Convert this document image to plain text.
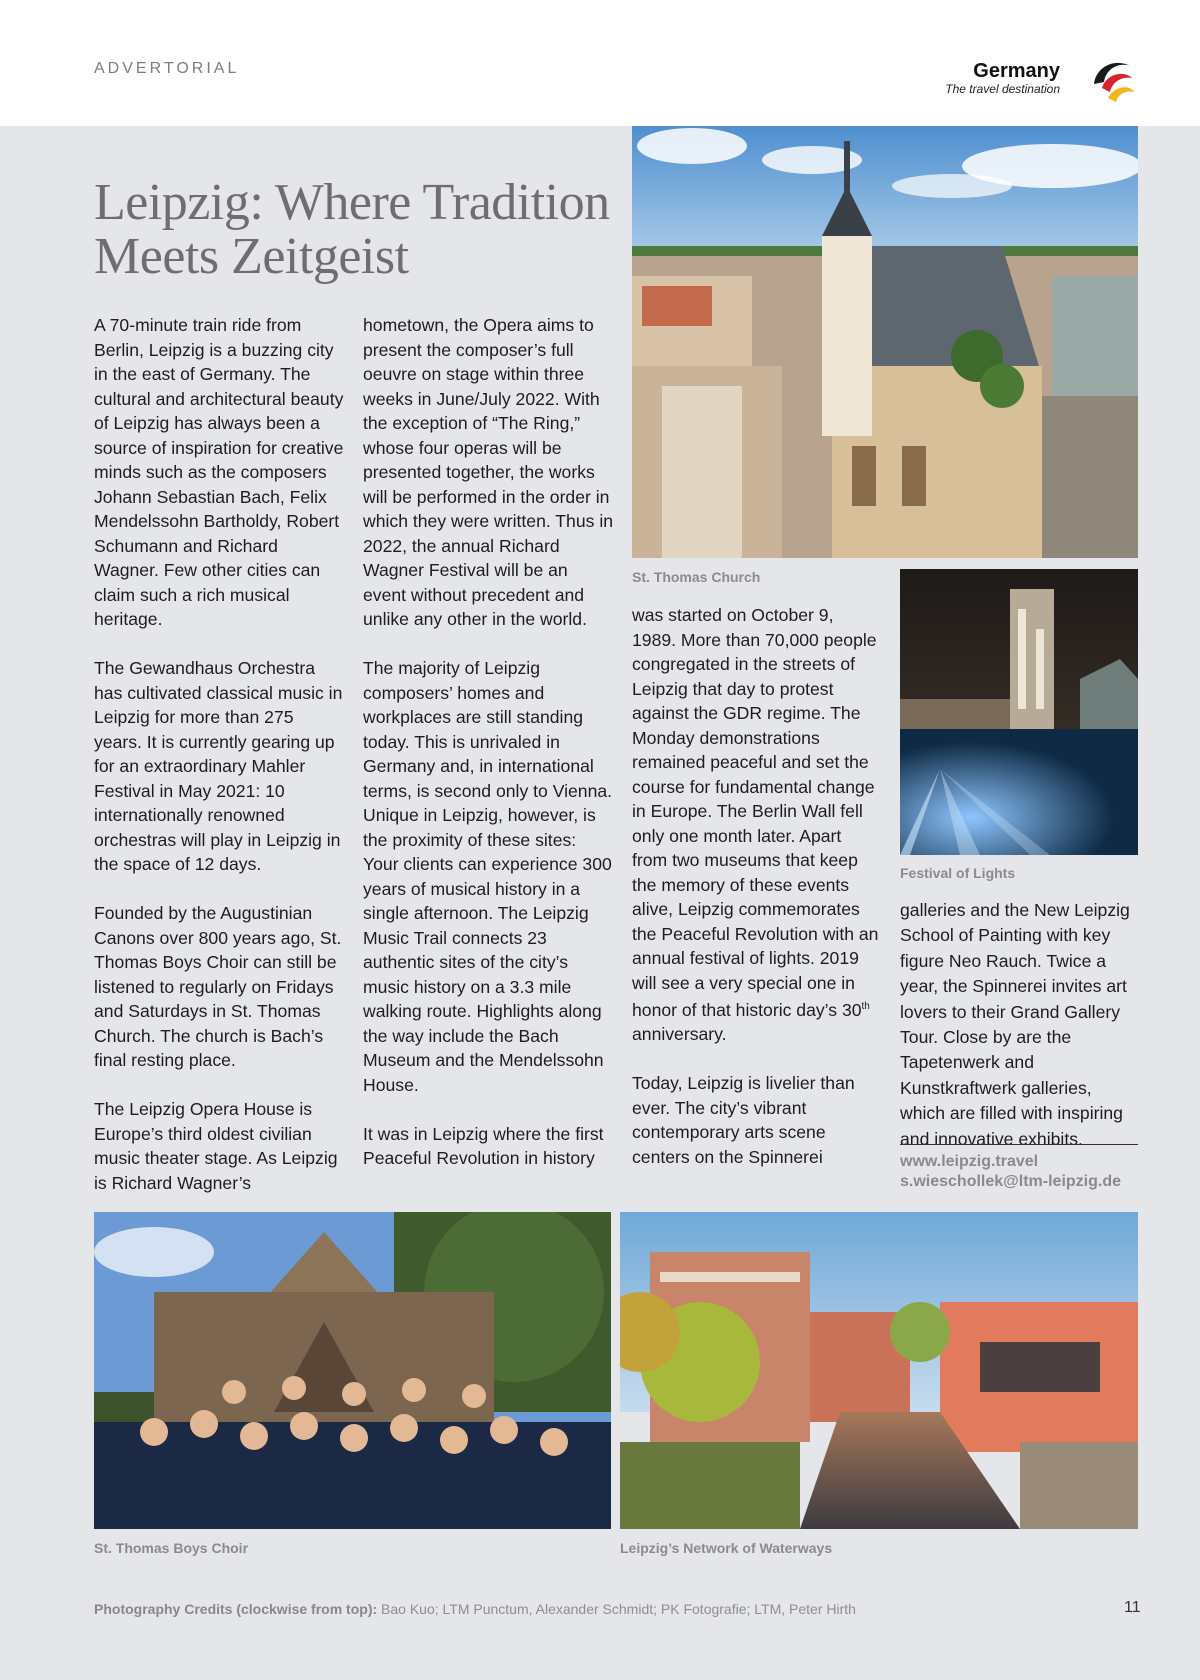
ADVERTORIAL	Germany
The travel destination
Leipzig: Where Tradition
Meets Zeitgeist

A 70-minute train ride from Berlin, Leipzig is a buzzing city in the east of Germany. The cultural and architectural beauty of Leipzig has always been a source of inspiration for creative minds such as the composers Johann Sebastian Bach, Felix Mendelssohn Bartholdy, Robert Schumann and Richard Wagner. Few other cities can claim such a rich musical heritage.

The Gewandhaus Orchestra has cultivated classical music in Leipzig for more than 275 years. It is currently gearing up for an extraordinary Mahler Festival in May 2021: 10 internationally renowned orchestras will play in Leipzig in the space of 12 days.

Founded by the Augustinian Canons over 800 years ago, St. Thomas Boys Choir can still be listened to regularly on Fridays and Saturdays in St. Thomas Church. The church is Bach’s final resting place.

The Leipzig Opera House is Europe’s third oldest civilian music theater stage. As Leipzig is Richard Wagner’s

hometown, the Opera aims to present the composer’s full oeuvre on stage within three weeks in June/July 2022. With the exception of “The Ring,” whose four operas will be presented together, the works will be performed in the order in which they were written. Thus in 2022, the annual Richard Wagner Festival will be an event without precedent and unlike any other in the world.

The majority of Leipzig composers’ homes and workplaces are still standing today. This is unrivaled in Germany and, in international terms, is second only to Vienna. Unique in Leipzig, however, is the proximity of these sites: Your clients can experience 300 years of musical history in a single afternoon. The Leipzig Music Trail connects 23 authentic sites of the city’s music history on a 3.3 mile walking route. Highlights along the way include the Bach Museum and the Mendelssohn House.

It was in Leipzig where the first Peaceful Revolution in history

was started on October 9, 1989. More than 70,000 people congregated in the streets of Leipzig that day to protest against the GDR regime. The Monday demonstrations remained peaceful and set the course for fundamental change in Europe. The Berlin Wall fell only one month later. Apart from two museums that keep the memory of these events alive, Leipzig commemorates the Peaceful Revolution with an annual festival of lights. 2019 will see a very special one in honor of that historic day’s 30th anniversary.

Today, Leipzig is livelier than ever. The city’s vibrant contemporary arts scene centers on the Spinnerei

galleries and the New Leipzig School of Painting with key figure Neo Rauch. Twice a year, the Spinnerei invites art lovers to their Grand Gallery Tour. Close by are the Tapetenwerk and Kunstkraftwerk galleries, which are filled with inspiring and innovative exhibits.

www.leipzig.travel
s.wieschollek@ltm-leipzig.de
St. Thomas Church
Festival of Lights
St. Thomas Boys Choir	Leipzig’s Network of Waterways
Photography Credits (clockwise from top): Bao Kuo; LTM Punctum, Alexander Schmidt; PK Fotografie; LTM, Peter Hirth	11
